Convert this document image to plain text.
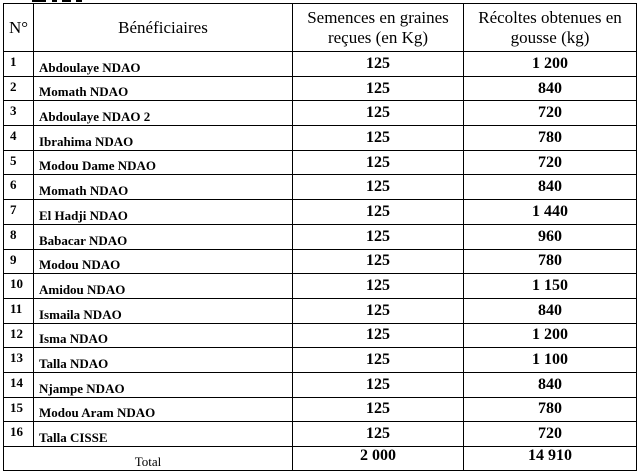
N°	Bénéficiaires	Semences en graines reçues (en Kg)	Récoltes obtenues en gousse (kg)
1	Abdoulaye NDAO	125	1 200
2	Momath NDAO	125	840
3	Abdoulaye NDAO 2	125	720
4	Ibrahima NDAO	125	780
5	Modou Dame NDAO	125	720
6	Momath NDAO	125	840
7	El Hadji NDAO	125	1 440
8	Babacar NDAO	125	960
9	Modou NDAO	125	780
10	Amidou NDAO	125	1 150
11	Ismaila NDAO	125	840
12	Isma NDAO	125	1 200
13	Talla NDAO	125	1 100
14	Njampe NDAO	125	840
15	Modou Aram NDAO	125	780
16	Talla CISSE	125	720
Total		2 000	14 910
